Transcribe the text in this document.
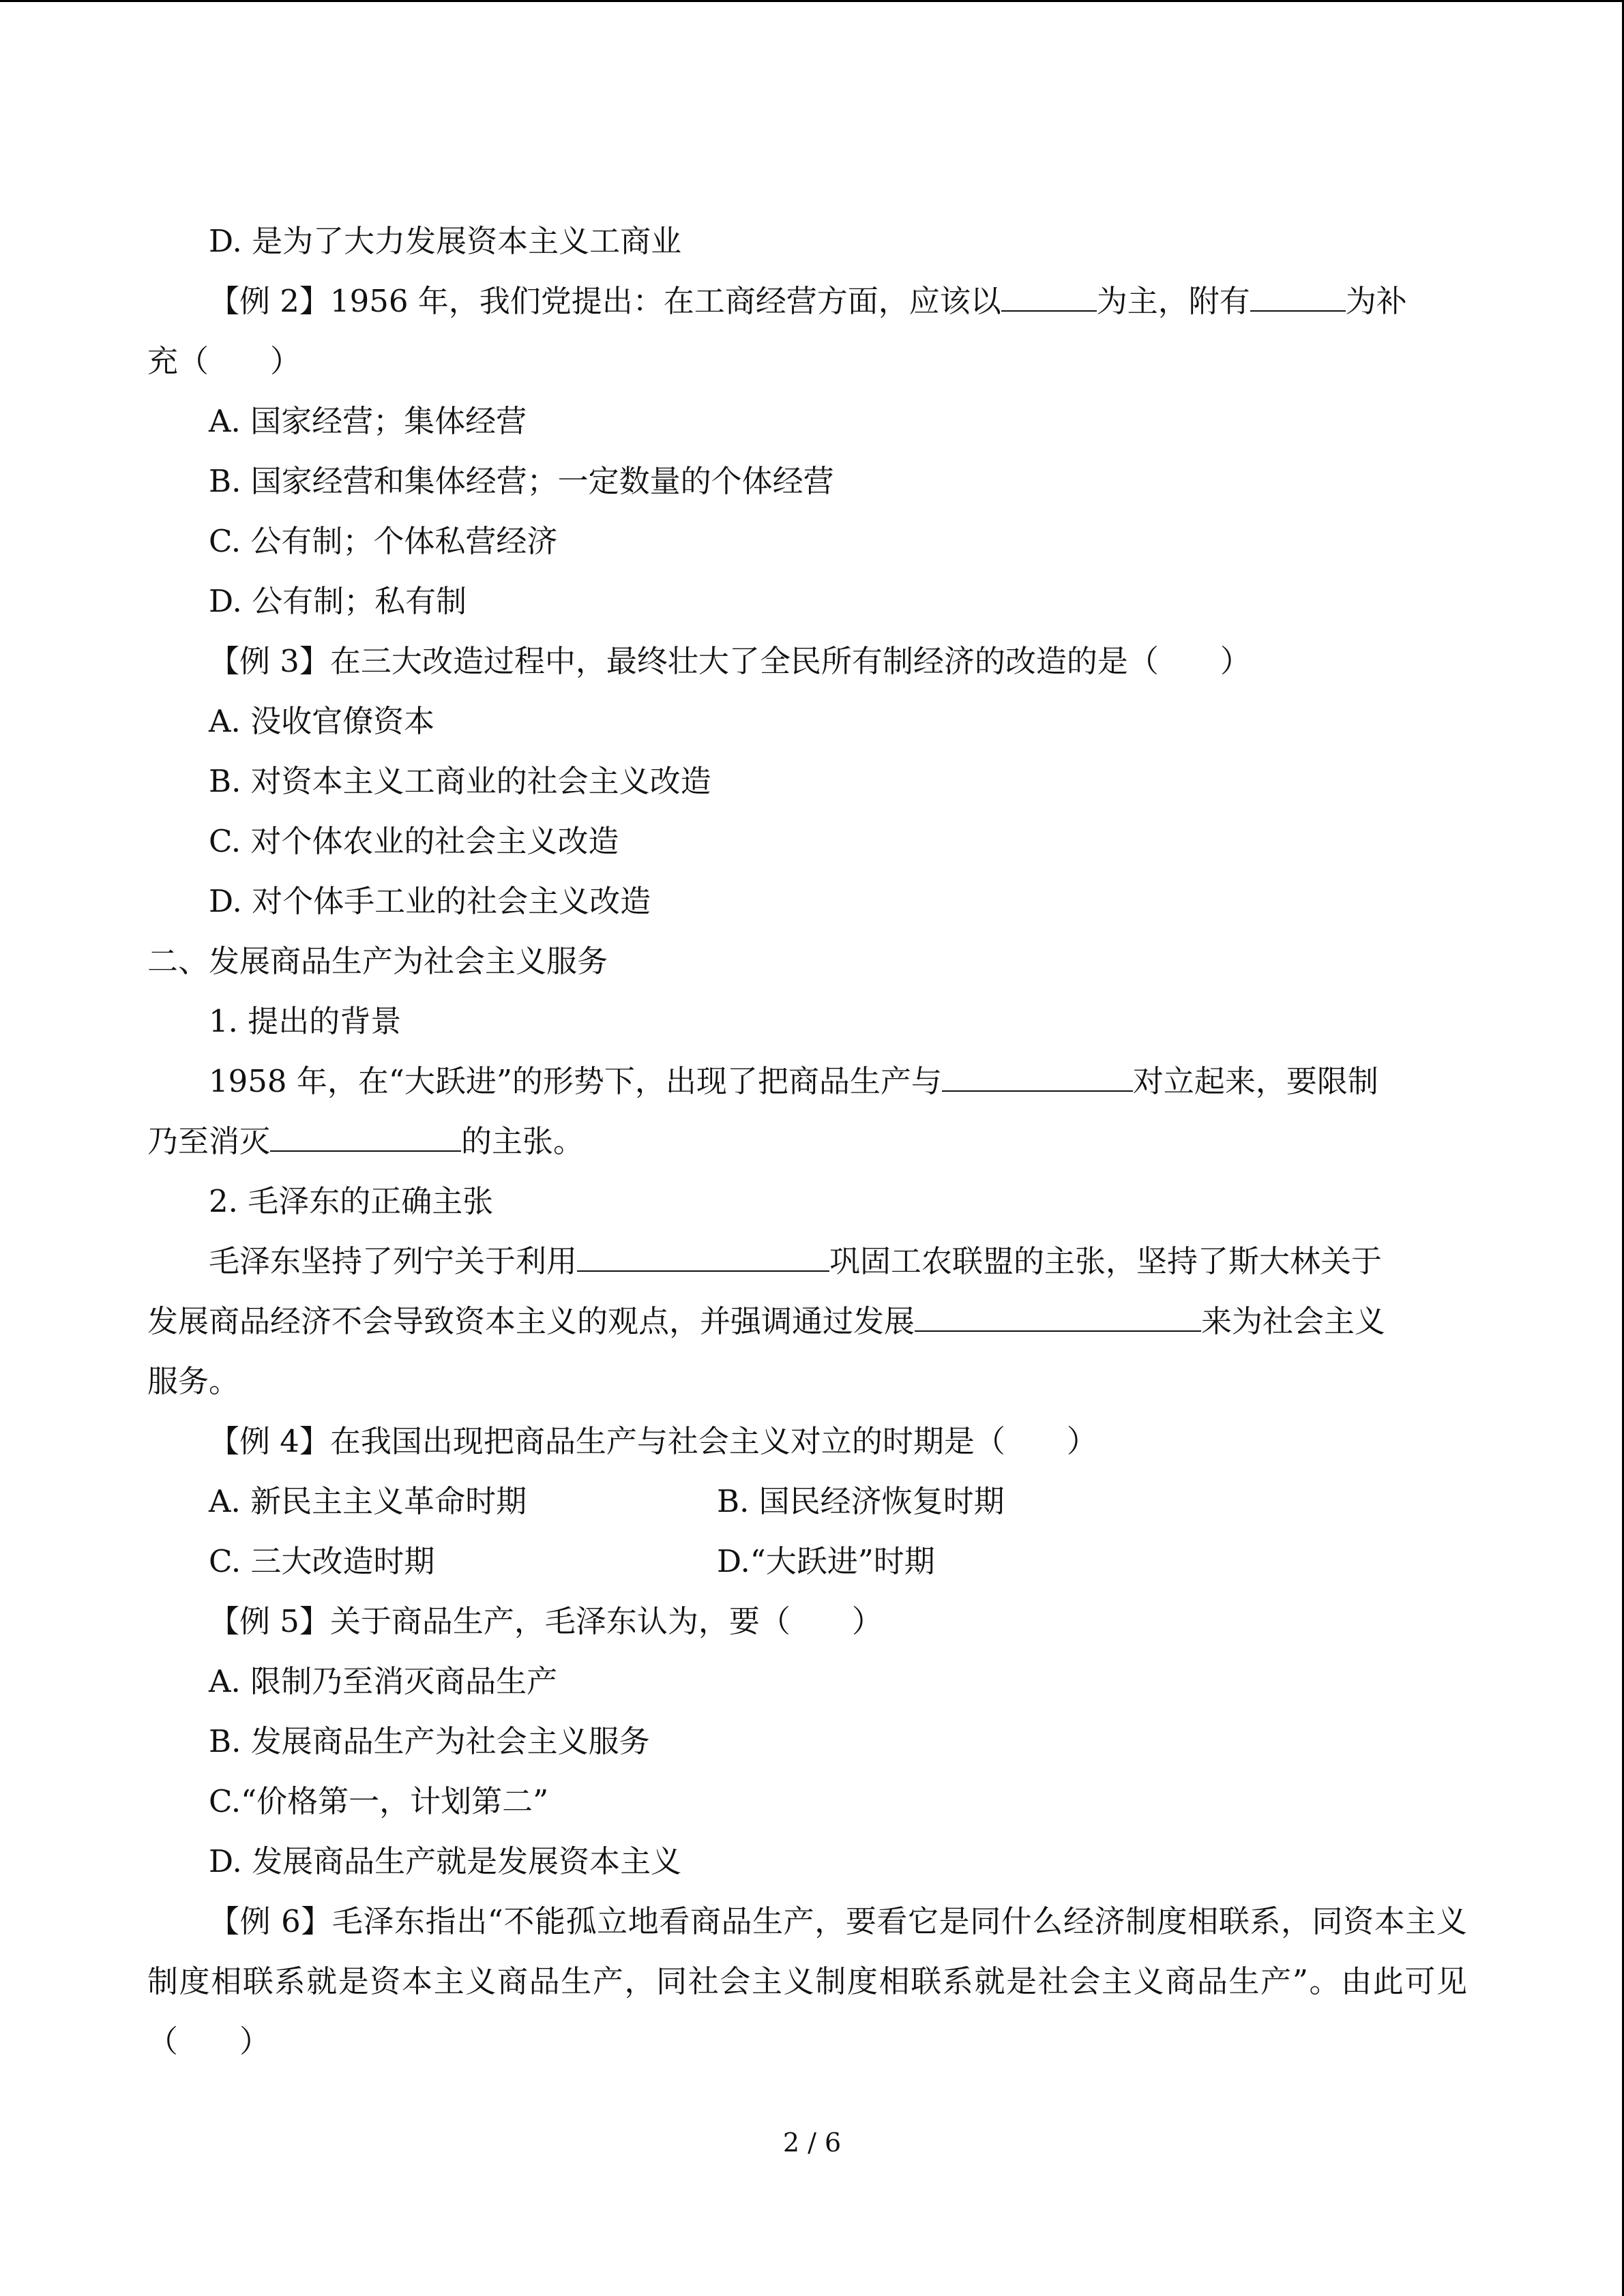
D. 是为了大力发展资本主义工商业
【例 2】1956 年，我们党提出：在工商经营方面，应该以	为主，附有	为补
充（　　）
A. 国家经营；集体经营
B. 国家经营和集体经营；一定数量的个体经营
C. 公有制；个体私营经济
D. 公有制；私有制
【例 3】在三大改造过程中，最终壮大了全民所有制经济的改造的是（　　）
A. 没收官僚资本
B. 对资本主义工商业的社会主义改造
C. 对个体农业的社会主义改造
D. 对个体手工业的社会主义改造
二、发展商品生产为社会主义服务
1. 提出的背景
1958 年，在“大跃进”的形势下，出现了把商品生产与	对立起来，要限制
乃至消灭	的主张。
2. 毛泽东的正确主张
毛泽东坚持了列宁关于利用	巩固工农联盟的主张，坚持了斯大林关于
发展商品经济不会导致资本主义的观点，并强调通过发展	来为社会主义
服务。
【例 4】在我国出现把商品生产与社会主义对立的时期是（　　）
A. 新民主主义革命时期	B. 国民经济恢复时期
C. 三大改造时期	D.“大跃进”时期
【例 5】关于商品生产，毛泽东认为，要（　　）
A. 限制乃至消灭商品生产
B. 发展商品生产为社会主义服务
C.“价格第一，计划第二”
D. 发展商品生产就是发展资本主义
【例 6】毛泽东指出“不能孤立地看商品生产，要看它是同什么经济制度相联系，同资本主义制度相联系就是资本主义商品生产，同社会主义制度相联系就是社会主义商品生产”。由此可见（　　）
2 / 6
